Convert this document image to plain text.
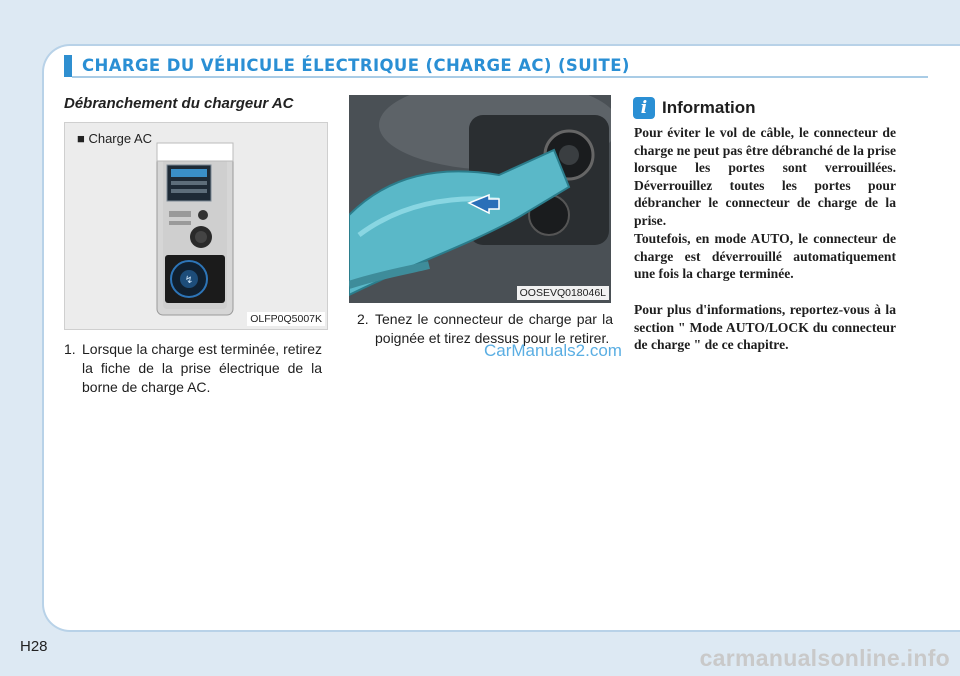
CHARGE DU VÉHICULE ÉLECTRIQUE (CHARGE AC) (SUITE)
Débranchement du chargeur AC
■ Charge AC
↯
OLFP0Q5007K
1. Lorsque la charge est terminée, retirez la fiche de la prise électrique de la borne de charge AC.
OOSEVQ018046L
2. Tenez le connecteur de charge par la poignée et tirez dessus pour le retirer.
CarManuals2.com
i Information
Pour éviter le vol de câble, le connecteur de charge ne peut pas être débranché de la prise lorsque les portes sont verrouillées. Déverrouillez toutes les portes pour débrancher le connecteur de charge de la prise.
Toutefois, en mode AUTO, le connecteur de charge est déverrouillé automatiquement une fois la charge terminée.
Pour plus d'informations, reportez-vous à la section " Mode AUTO/LOCK du connecteur de charge " de ce chapitre.
H28	carmanualsonline.info
